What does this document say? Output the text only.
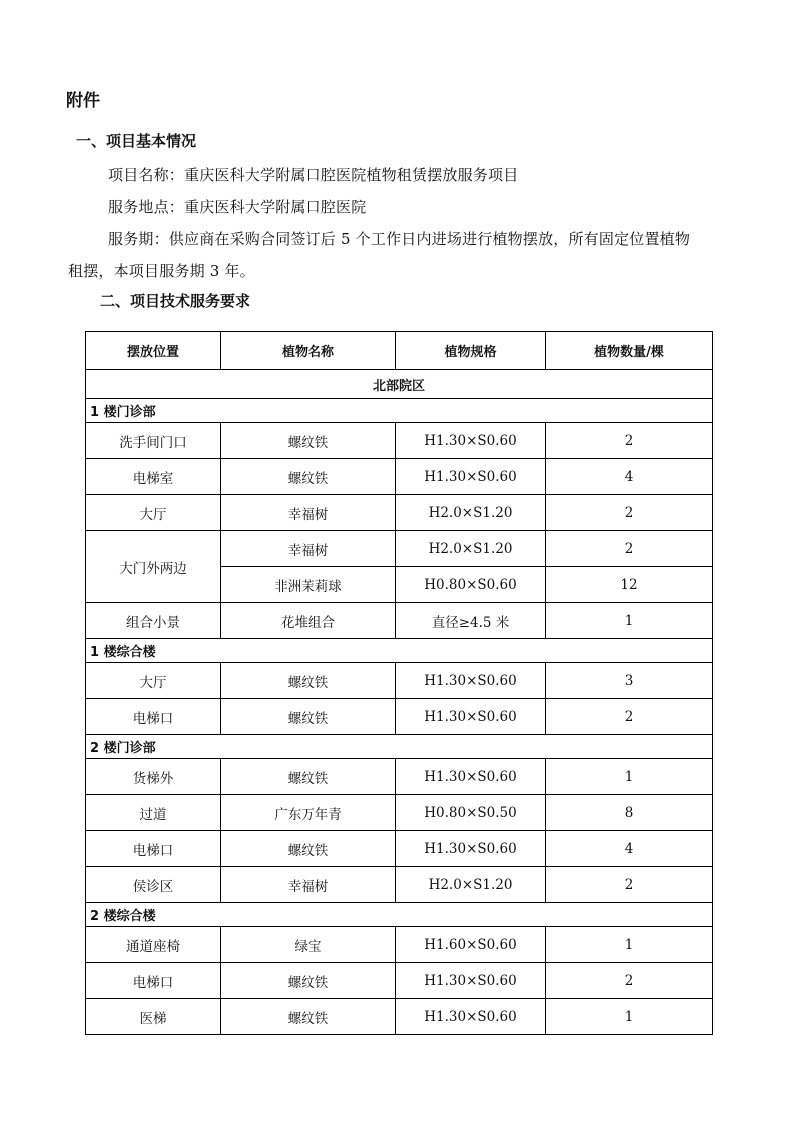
附件
一、项目基本情况
项目名称：重庆医科大学附属口腔医院植物租赁摆放服务项目
服务地点：重庆医科大学附属口腔医院
服务期：供应商在采购合同签订后 5 个工作日内进场进行植物摆放，所有固定位置植物
租摆，本项目服务期 3 年。
二、项目技术服务要求
摆放位置	植物名称	植物规格	植物数量/棵
北部院区			
1 楼门诊部			
洗手间门口	螺纹铁	H1.30×S0.60	2
电梯室	螺纹铁	H1.30×S0.60	4
大厅	幸福树	H2.0×S1.20	2
大门外两边	幸福树	H2.0×S1.20	2
	非洲茉莉球	H0.80×S0.60	12
组合小景	花堆组合	直径≥4.5 米	1
1 楼综合楼			
大厅	螺纹铁	H1.30×S0.60	3
电梯口	螺纹铁	H1.30×S0.60	2
2 楼门诊部			
货梯外	螺纹铁	H1.30×S0.60	1
过道	广东万年青	H0.80×S0.50	8
电梯口	螺纹铁	H1.30×S0.60	4
侯诊区	幸福树	H2.0×S1.20	2
2 楼综合楼			
通道座椅	绿宝	H1.60×S0.60	1
电梯口	螺纹铁	H1.30×S0.60	2
医梯	螺纹铁	H1.30×S0.60	1
